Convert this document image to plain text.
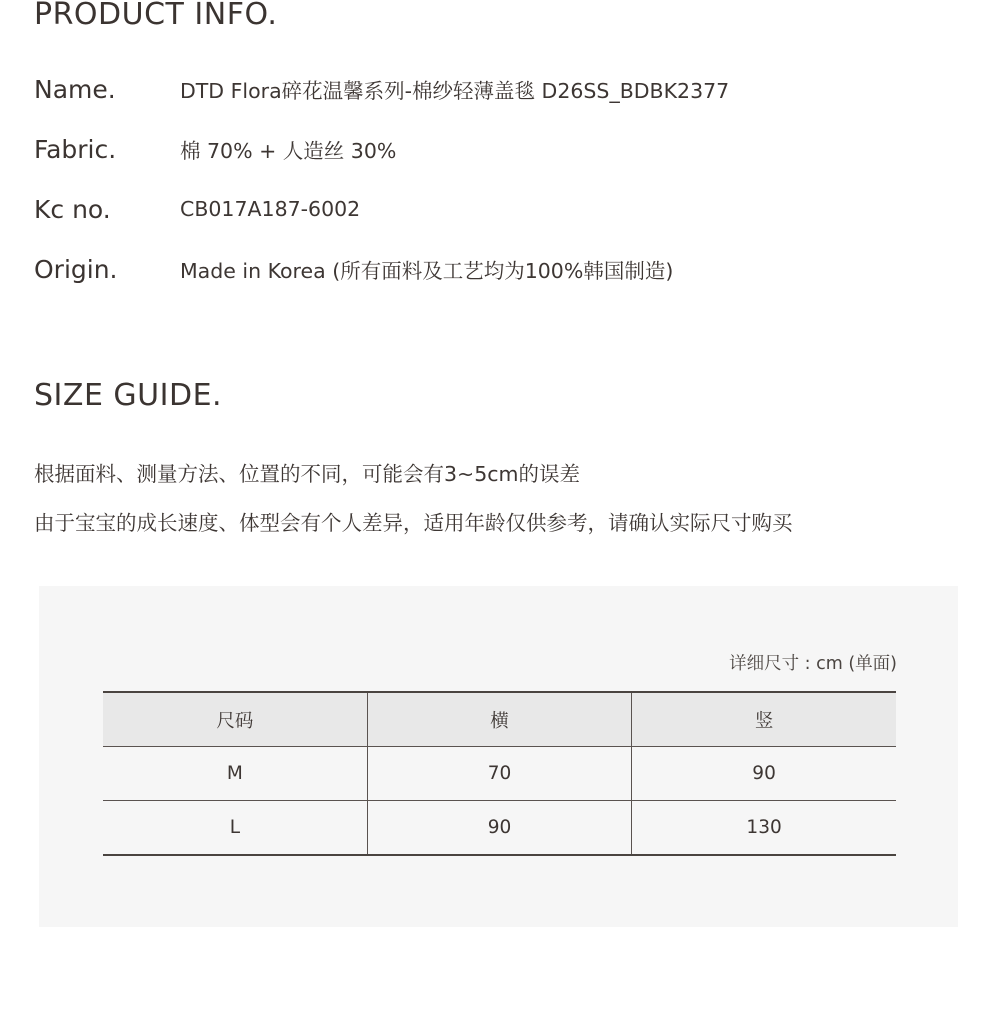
PRODUCT INFO.
Name.	DTD Flora碎花温馨系列-棉纱轻薄盖毯 D26SS_BDBK2377
Fabric.	棉 70% + 人造丝 30%
Kc no.	CB017A187-6002
Origin.	Made in Korea (所有面料及工艺均为100%韩国制造)
SIZE GUIDE.
根据面料、测量方法、位置的不同，可能会有3~5cm的误差
由于宝宝的成长速度、体型会有个人差异，适用年龄仅供参考，请确认实际尺寸购买
详细尺寸 : cm (单面)
尺码	横	竖
M	70	90
L	90	130
